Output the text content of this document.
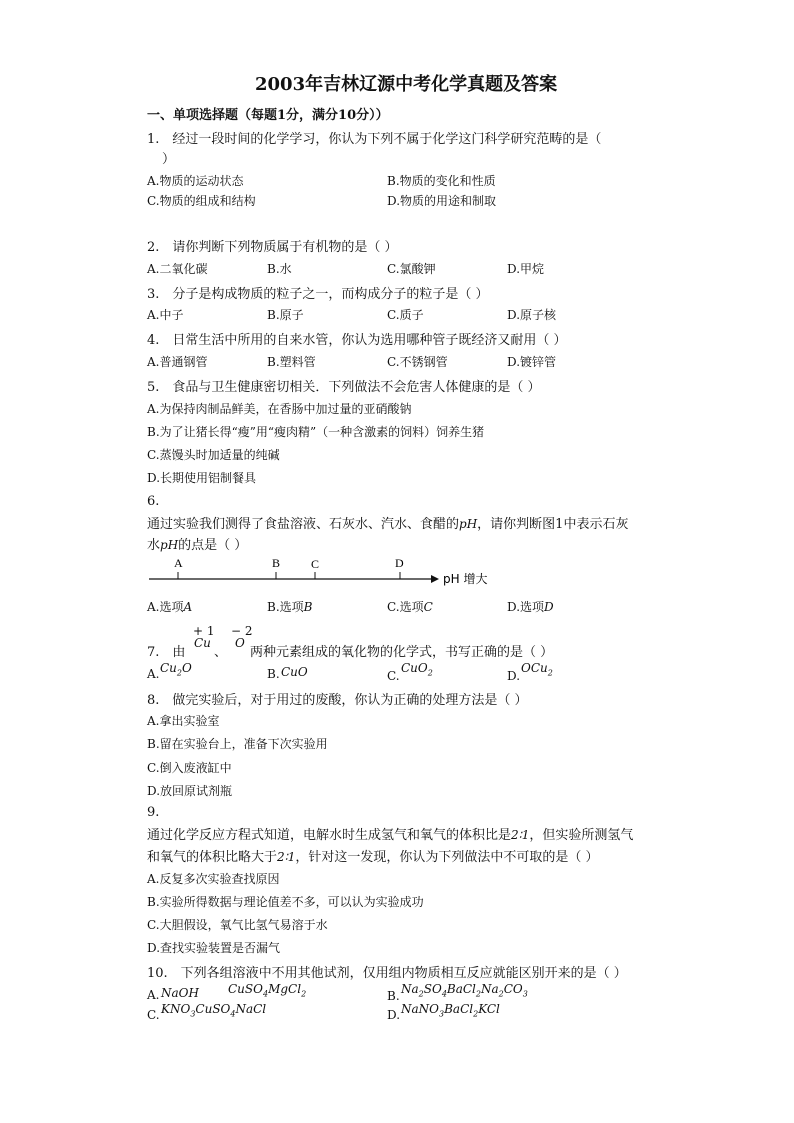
2003年吉林辽源中考化学真题及答案
一、单项选择题（每题1分，满分10分））
1.　经过一段时间的化学学习，你认为下列不属于化学这门科学研究范畴的是（
）
A.物质的运动状态	B.物质的变化和性质
C.物质的组成和结构	D.物质的用途和制取
2.　请你判断下列物质属于有机物的是（ ）
A.二氧化碳	B.水	C.氯酸钾	D.甲烷
3.　分子是构成物质的粒子之一，而构成分子的粒子是（ ）
A.中子	B.原子	C.质子	D.原子核
4.　日常生活中所用的自来水管，你认为选用哪种管子既经济又耐用（ ）
A.普通钢管	B.塑料管	C.不锈钢管	D.镀锌管
5.　食品与卫生健康密切相关．下列做法不会危害人体健康的是（ ）
A.为保持肉制品鲜美，在香肠中加过量的亚硝酸钠
B.为了让猪长得“瘦”用“瘦肉精”（一种含激素的饲料）饲养生猪
C.蒸馒头时加适量的纯碱
D.长期使用铝制餐具
6.
通过实验我们测得了食盐溶液、石灰水、汽水、食醋的pH，请你判断图1中表示石灰
水pH的点是（ ）
A	B	C	D
pH 增大
A.选项A	B.选项B	C.选项C	D.选项D
+ 1 − 2
7.　由
Cu
、
O
两种元素组成的氧化物的化学式，书写正确的是（ ）
A. $Cu_2O$	B. CuO	C.
CuO$_2$	D.
OCu$_2$
8.　做完实验后，对于用过的废酸，你认为正确的处理方法是（ ）
A.拿出实验室
B.留在实验台上，准备下次实验用
C.倒入废液缸中
D.放回原试剂瓶
9.
通过化学反应方程式知道，电解水时生成氢气和氧气的体积比是2∶1，但实验所测氢气
和氧气的体积比略大于2∶1，针对这一发现，你认为下列做法中不可取的是（ ）
A.反复多次实验查找原因
B.实验所得数据与理论值差不多，可以认为实验成功
C.大胆假设，氧气比氢气易溶于水
D.查找实验装置是否漏气
10.　下列各组溶液中不用其他试剂，仅用组内物质相互反应就能区别开来的是（ ）
A. NaOH CuSO$_4$MgCl$_2$	B. $Na_2SO_4BaCl_2Na_2CO_3$
C. $KNO_3CuSO_4NaCl$	D. NaNO$_3$BaCl$_2$KCl
